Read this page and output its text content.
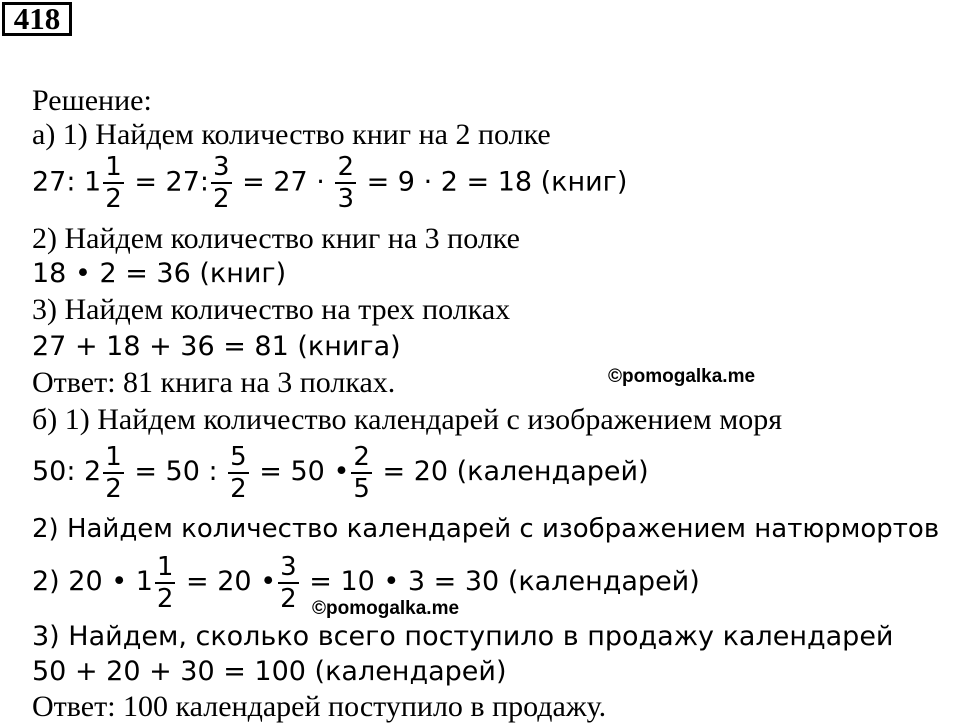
418
Решение:
а) 1) Найдем количество книг на 2 полке
27: $1 \frac{1}{2} = 27$: $\frac{3}{2} = 27 \cdot \frac{2}{3} = 9 \cdot 2 = 18$ (книг)
2) Найдем количество книг на 3 полке
18 • 2 = 36 (книг)
3) Найдем количество на трех полках
27 + 18 + 36 = 81 (книга)
Ответ: 81 книга на 3 полках.	©pomogalka.me
б) 1) Найдем количество календарей с изображением моря
50: $2 \frac{1}{2} = 50$ : $\frac{5}{2} = 50$ • $\frac{2}{5} = 20$ (календарей)
2) Найдем количество календарей с изображением натюрмортов
2) 20 • $1 \frac{1}{2} = 20$ • $\frac{3}{2} = 10$ • 3 = 30 (календарей)
©pomogalka.me
3) Найдем, сколько всего поступило в продажу календарей
50 + 20 + 30 = 100 (календарей)
Ответ: 100 календарей поступило в продажу.
